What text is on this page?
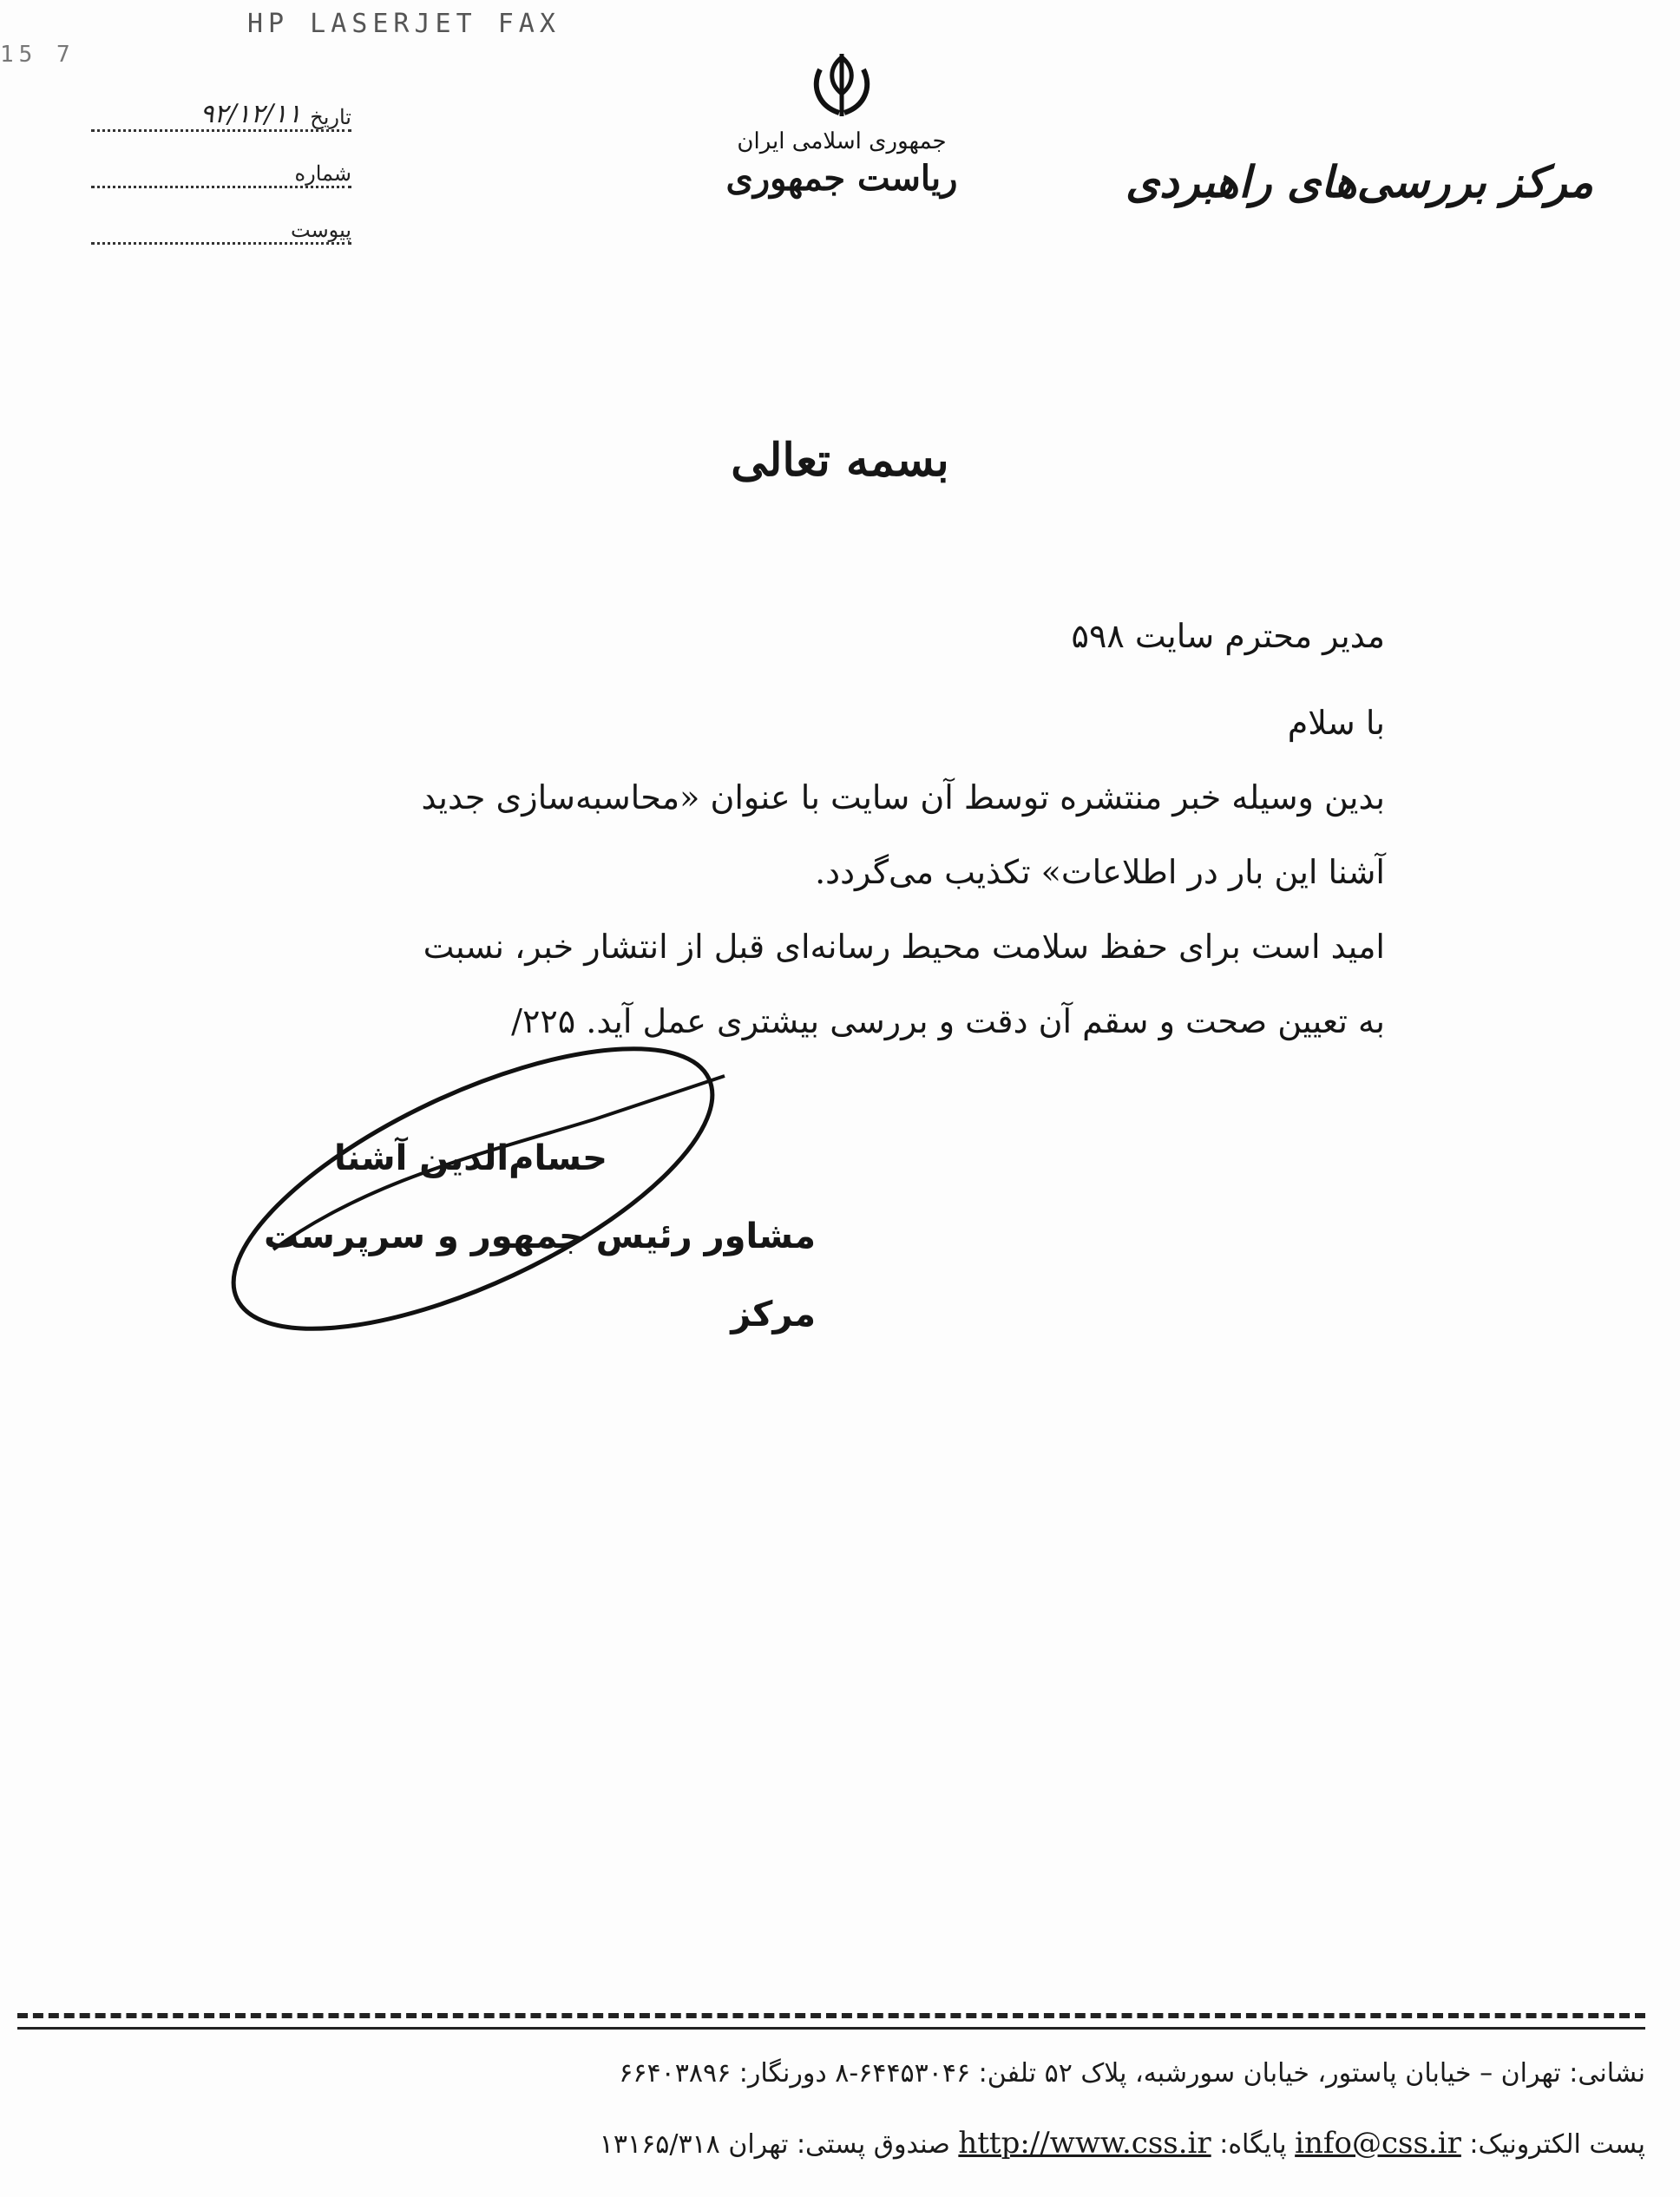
15 7
HP LASERJET FAX
تاریخ
۹۲/۱۲/۱۱
شماره
پیوست
جمهوری اسلامی ایران
ریاست جمهوری	مرکز بررسی‌های راهبردی
بسمه تعالی
مدیر محترم سایت ۵۹۸
با سلام
بدین وسیله خبر منتشره توسط آن سایت با عنوان «محاسبه‌سازی جدید
آشنا این بار در اطلاعات» تکذیب می‌گردد.
امید است برای حفظ سلامت محیط رسانه‌ای قبل از انتشار خبر، نسبت
به تعیین صحت و سقم آن دقت و بررسی بیشتری عمل آید. ۲۲۵/
حسام‌الدین آشنا
مشاور رئیس جمهور و سرپرست مرکز
نشانی: تهران – خیابان پاستور، خیابان سورشبه، پلاک ۵۲ تلفن: ۶۴۴۵۳۰۴۶-۸ دورنگار: ۶۶۴۰۳۸۹۶
پست الکترونیک: info@css.ir پایگاه: http://www.css.ir صندوق پستی: تهران ۱۳۱۶۵/۳۱۸
